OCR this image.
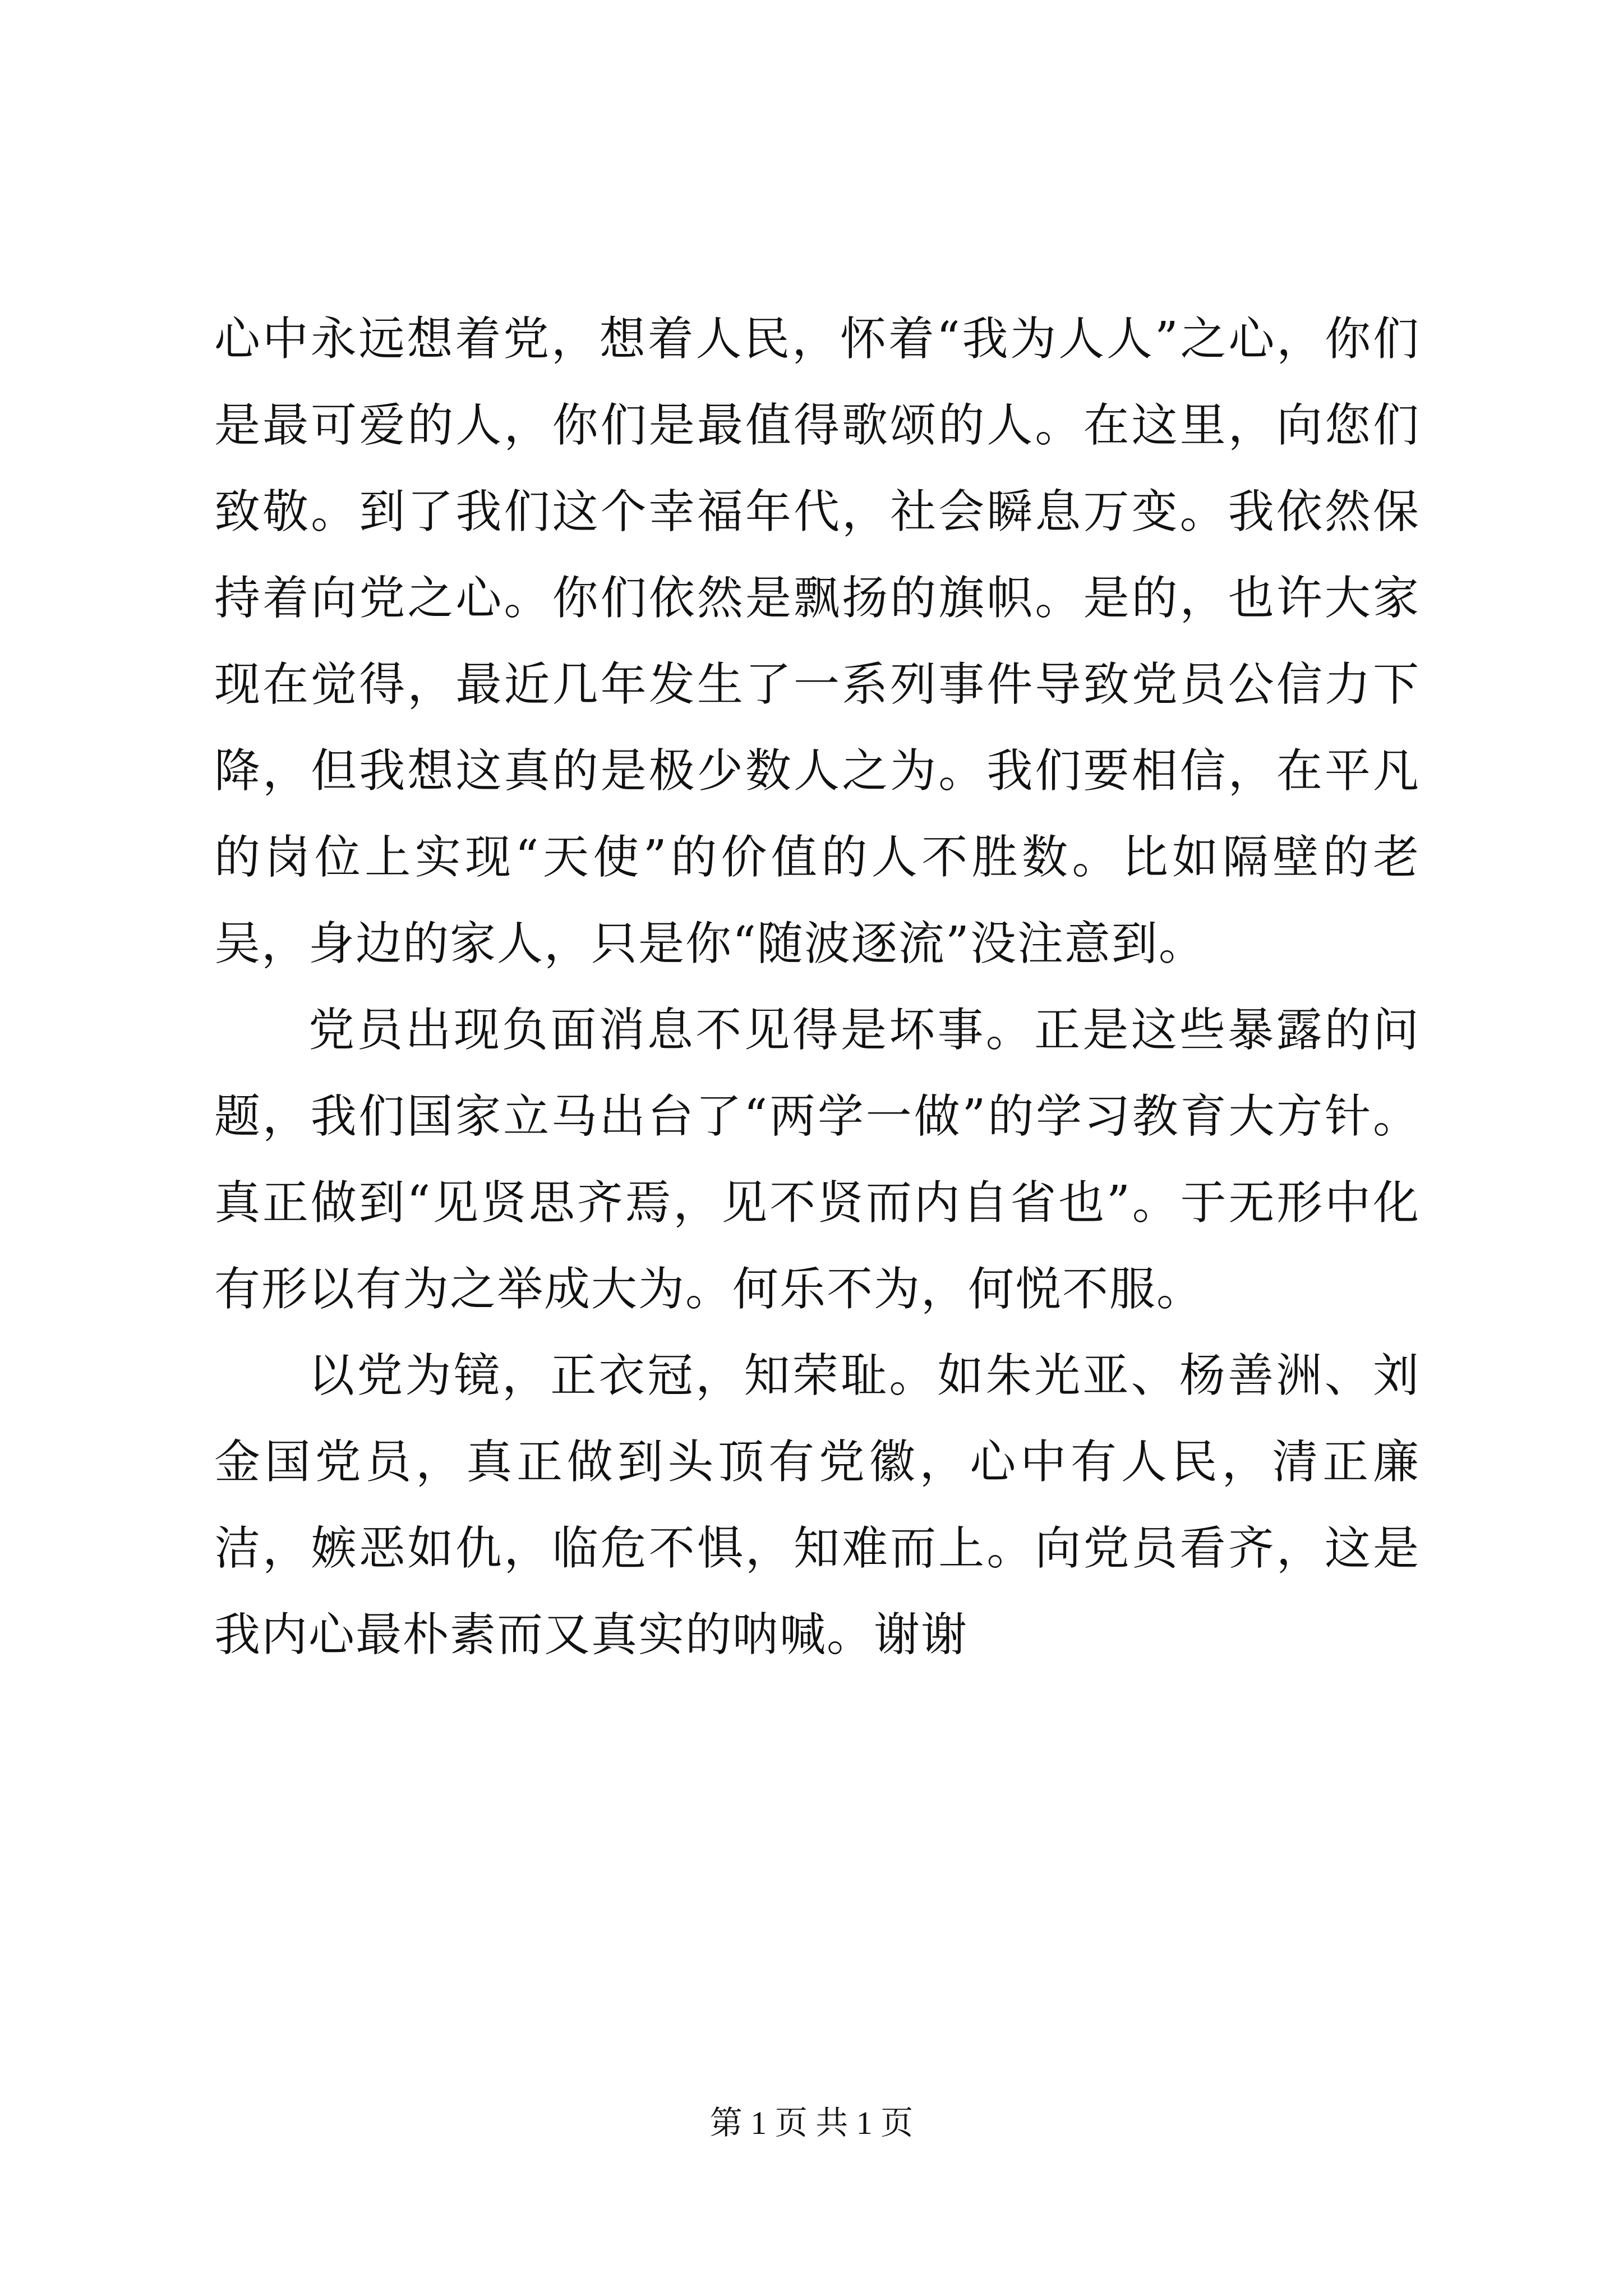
心中永远想着党，想着人民，怀着“我为人人”之心，你们是最可爱的人，你们是最值得歌颂的人。在这里，向您们致敬。到了我们这个幸福年代，社会瞬息万变。我依然保持着向党之心。你们依然是飘扬的旗帜。是的，也许大家现在觉得，最近几年发生了一系列事件导致党员公信力下降，但我想这真的是极少数人之为。我们要相信，在平凡的岗位上实现“天使”的价值的人不胜数。比如隔壁的老吴，身边的家人，只是你“随波逐流”没注意到。

党员出现负面消息不见得是坏事。正是这些暴露的问题，我们国家立马出台了“两学一做”的学习教育大方针。真正做到“见贤思齐焉，见不贤而内自省也”。于无形中化有形以有为之举成大为。何乐不为，何悦不服。

以党为镜，正衣冠，知荣耻。如朱光亚、杨善洲、刘金国党员，真正做到头顶有党徽，心中有人民，清正廉洁，嫉恶如仇，临危不惧，知难而上。向党员看齐，这是我内心最朴素而又真实的呐喊。谢谢

第 1 页 共 1 页
